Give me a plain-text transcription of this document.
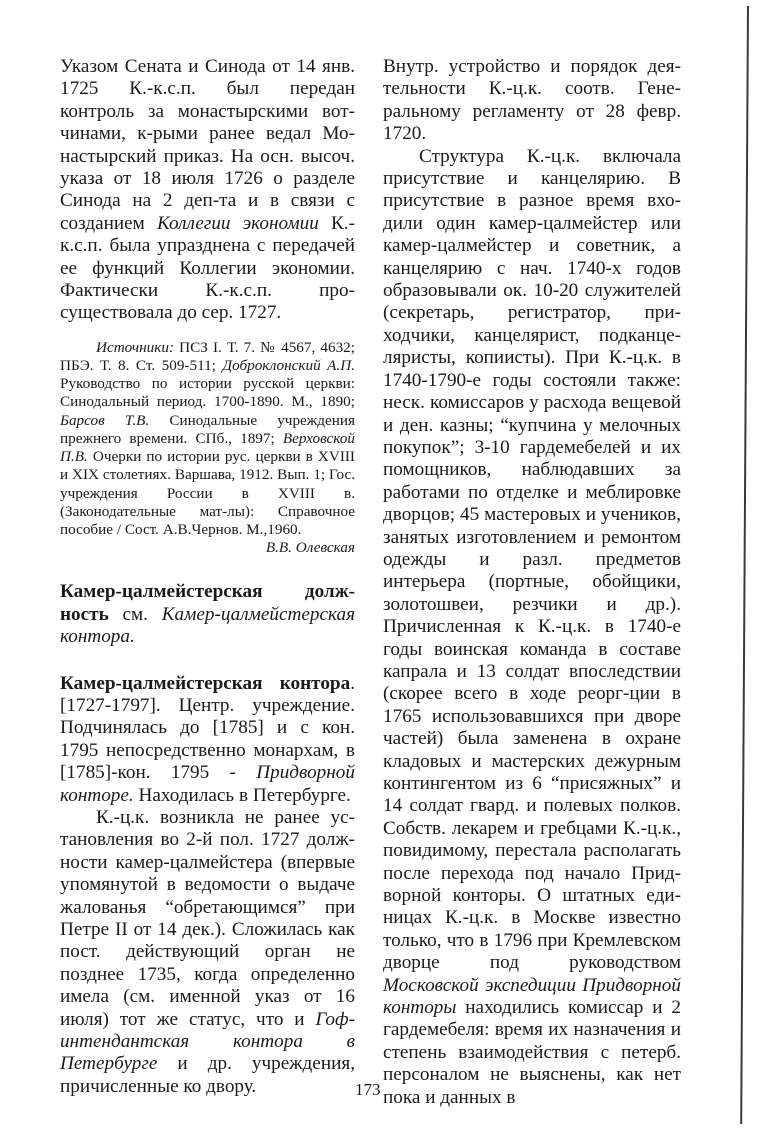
Указом Сената и Синода от 14 янв. 1725 К.-к.с.п. был передан контроль за монастырскими вотчинами, к-рыми ранее ведал Монастырский приказ. На осн. высоч. указа от 18 июля 1726 о разделе Синода на 2 деп-та и в связи с созданием Коллегии экономии К.-к.с.п. была упразднена с передачей ее функций Коллегии экономии. Фактически К.-к.с.п. просуществовала до сер. 1727.

Источники: ПСЗ I. Т. 7. № 4567, 4632; ПБЭ. Т. 8. Ст. 509-511; Доброклонский А.П. Руководство по истории русской церкви: Синодальный период. 1700-1890. М., 1890; Барсов Т.В. Синодальные учреждения прежнего времени. СПб., 1897; Верховской П.В. Очерки по истории рус. церкви в XVIII и XIX столетиях. Варшава, 1912. Вып. 1; Гос. учреждения России в XVIII в. (Законодательные мат-лы): Справочное пособие / Сост. А.В.Чернов. М.,1960.

В.В. Олевская

Камер-цалмейстерская должность см. Камер-цалмейстерская контора.

Камер-цалмейстерская контора. [1727-1797]. Центр. учреждение. Подчинялась до [1785] и с кон. 1795 непосредственно монархам, в [1785]-кон. 1795 - Придворной конторе. Находилась в Петербурге.

К.-ц.к. возникла не ранее установления во 2-й пол. 1727 должности камер-цалмейстера (впервые упомянутой в ведомости о выдаче жалованья “обретающимся” при Петре II от 14 дек.). Сложилась как пост. действующий орган не позднее 1735, когда определенно имела (см. именной указ от 16 июля) тот же статус, что и Гоф-интендантская контора в Петербурге и др. учреждения, причисленные ко двору.

Внутр. устройство и порядок деятельности К.-ц.к. соотв. Генеральному регламенту от 28 февр. 1720.

Структура К.-ц.к. включала присутствие и канцелярию. В присутствие в разное время входили один камер-цалмейстер или камер-цалмейстер и советник, а канцелярию с нач. 1740-х годов образовывали ок. 10-20 служителей (секретарь, регистратор, приходчики, канцелярист, подканцеляристы, копиисты). При К.-ц.к. в 1740-1790-е годы состояли также: неск. комиссаров у расхода вещевой и ден. казны; “купчина у мелочных покупок”; 3-10 гардемебелей и их помощников, наблюдавших за работами по отделке и меблировке дворцов; 45 мастеровых и учеников, занятых изготовлением и ремонтом одежды и разл. предметов интерьера (портные, обойщики, золотошвеи, резчики и др.). Причисленная к К.-ц.к. в 1740-е годы воинская команда в составе капрала и 13 солдат впоследствии (скорее всего в ходе реорг-ции в 1765 использовавшихся при дворе частей) была заменена в охране кладовых и мастерских дежурным контингентом из 6 “присяжных” и 14 солдат гвард. и полевых полков. Собств. лекарем и гребцами К.-ц.к., повидимому, перестала располагать после перехода под начало Придворной конторы. О штатных единицах К.-ц.к. в Москве известно только, что в 1796 при Кремлевском дворце под руководством Московской экспедиции Придворной конторы находились комиссар и 2 гардемебеля: время их назначения и степень взаимодействия с петерб. персоналом не выяснены, как нет пока и данных в

173
